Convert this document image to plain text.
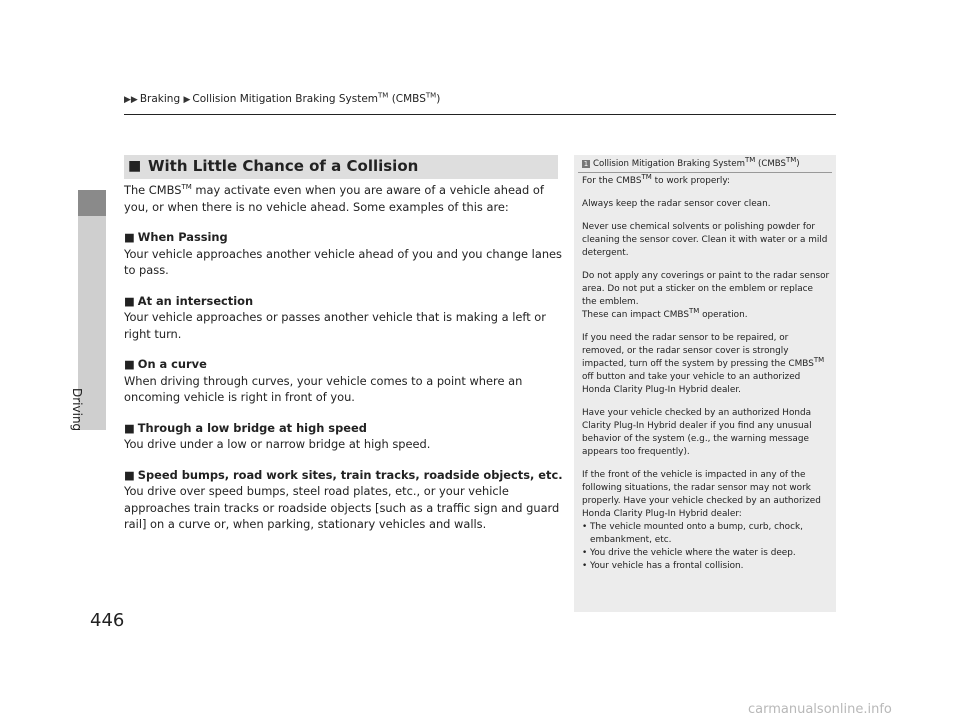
Driving
▶▶ Braking ▶ Collision Mitigation Braking System™ (CMBS™)
■ With Little Chance of a Collision

The CMBS™ may activate even when you are aware of a vehicle ahead of you, or when there is no vehicle ahead. Some examples of this are:

■ When Passing

Your vehicle approaches another vehicle ahead of you and you change lanes to pass.

■ At an intersection

Your vehicle approaches or passes another vehicle that is making a left or right turn.

■ On a curve

When driving through curves, your vehicle comes to a point where an oncoming vehicle is right in front of you.

■ Through a low bridge at high speed

You drive under a low or narrow bridge at high speed.

■ Speed bumps, road work sites, train tracks, roadside objects, etc.

You drive over speed bumps, steel road plates, etc., or your vehicle approaches train tracks or roadside objects [such as a traffic sign and guard rail] on a curve or, when parking, stationary vehicles and walls.

1 Collision Mitigation Braking System™ (CMBS™)

For the CMBS™ to work properly:

Always keep the radar sensor cover clean.

Never use chemical solvents or polishing powder for cleaning the sensor cover. Clean it with water or a mild detergent.

Do not apply any coverings or paint to the radar sensor area. Do not put a sticker on the emblem or replace the emblem.
These can impact CMBS™ operation.

If you need the radar sensor to be repaired, or removed, or the radar sensor cover is strongly impacted, turn off the system by pressing the CMBS™ off button and take your vehicle to an authorized Honda Clarity Plug-In Hybrid dealer.

Have your vehicle checked by an authorized Honda Clarity Plug-In Hybrid dealer if you find any unusual behavior of the system (e.g., the warning message appears too frequently).

If the front of the vehicle is impacted in any of the following situations, the radar sensor may not work properly. Have your vehicle checked by an authorized Honda Clarity Plug-In Hybrid dealer:

• The vehicle mounted onto a bump, curb, chock, embankment, etc.
• You drive the vehicle where the water is deep.
• Your vehicle has a frontal collision.
446
carmanualsonline.info
